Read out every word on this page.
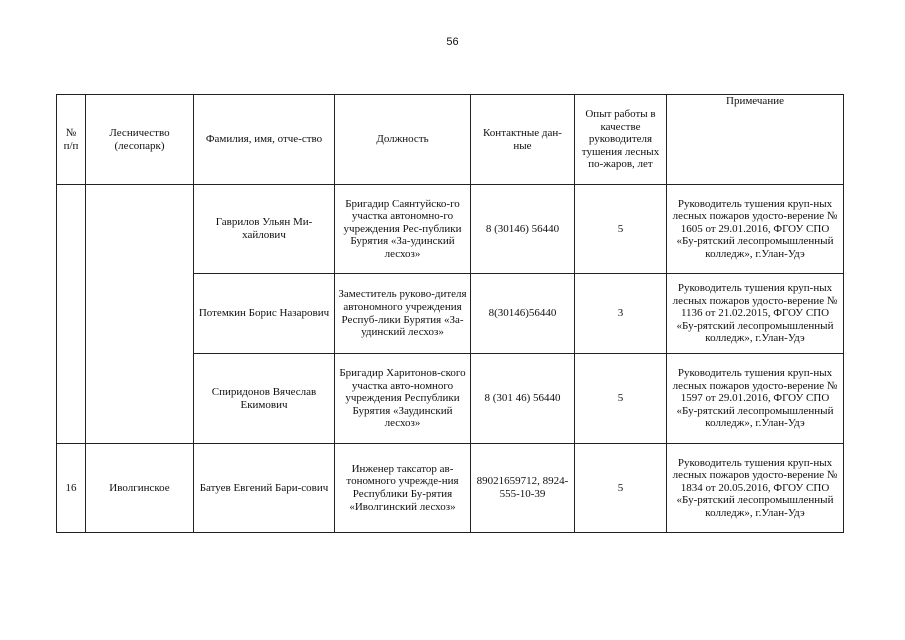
56
№ п/п	Лесничество (лесопарк)	Фамилия, имя, отче-ство	Должность	Контактные дан-ные	Опыт работы в качестве руководителя тушения лесных по-жаров, лет	Примечание
		Гаврилов Ульян Ми-хайлович	Бригадир Саянтуйско-го участка автономно-го учреждения Рес-публики Бурятия «За-удинский лесхоз»	8 (30146) 56440	5	Руководитель тушения круп-ных лесных пожаров удосто-верение № 1605 от 29.01.2016, ФГОУ СПО «Бу-рятский лесопромышленный колледж», г.Улан-Удэ
		Потемкин Борис Назарович	Заместитель руково-дителя автономного учреждения Респуб-лики Бурятия «За-удинский лесхоз»	8(30146)56440	3	Руководитель тушения круп-ных лесных пожаров удосто-верение № 1136 от 21.02.2015, ФГОУ СПО «Бу-рятский лесопромышленный колледж», г.Улан-Удэ
		Спиридонов Вячеслав Екимович	Бригадир Харитонов-ского участка авто-номного учреждения Республики Бурятия «Заудинский лесхоз»	8 (301 46) 56440	5	Руководитель тушения круп-ных лесных пожаров удосто-верение № 1597 от 29.01.2016, ФГОУ СПО «Бу-рятский лесопромышленный колледж», г.Улан-Удэ
16	Иволгинское	Батуев Евгений Бари-сович	Инженер таксатор ав-тономного учрежде-ния Республики Бу-рятия «Иволгинский лесхоз»	89021659712, 8924-555-10-39	5	Руководитель тушения круп-ных лесных пожаров удосто-верение № 1834 от 20.05.2016, ФГОУ СПО «Бу-рятский лесопромышленный колледж», г.Улан-Удэ
